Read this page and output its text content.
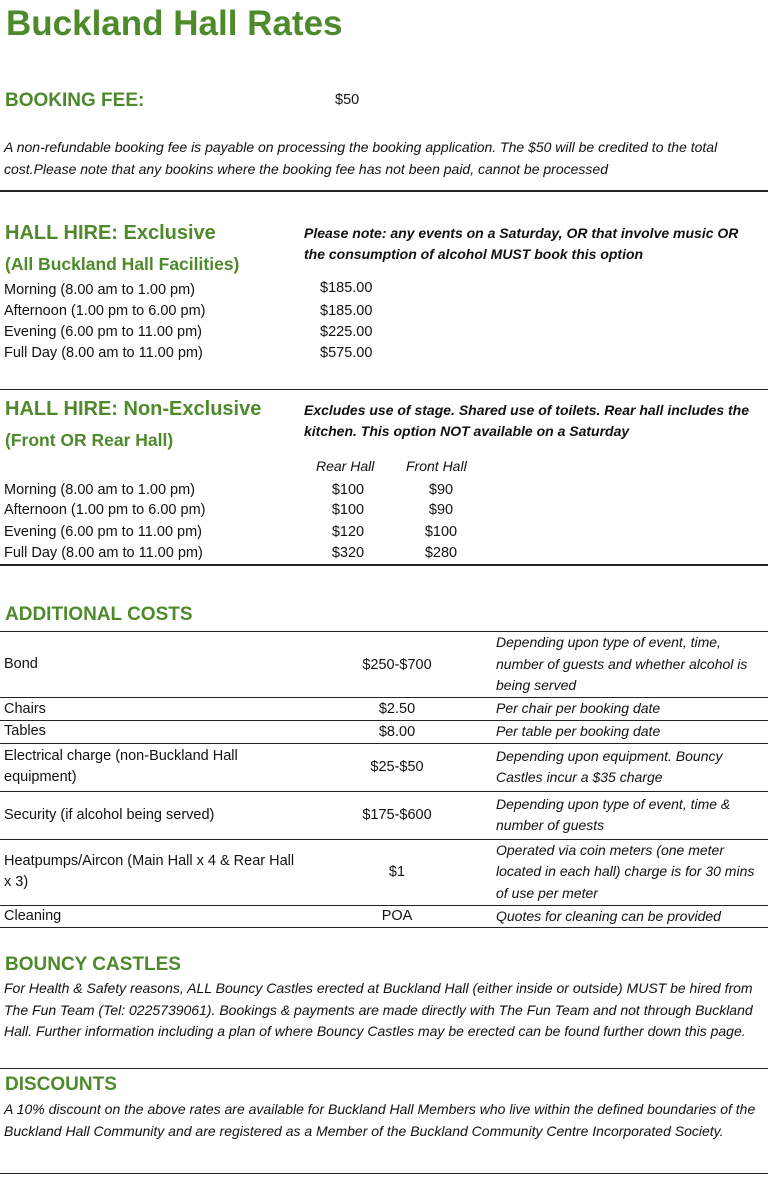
Buckland Hall Rates
BOOKING FEE:	$50
A non-refundable booking fee is payable on processing the booking application. The $50 will be credited to the total cost.Please note that any bookins where the booking fee has not been paid, cannot be processed
HALL HIRE: Exclusive
(All Buckland Hall Facilities)
Please note: any events on a Saturday, OR that involve music OR
the consumption of alcohol MUST book this option
Morning (8.00 am to 1.00 pm)	$185.00
Afternoon (1.00 pm to 6.00 pm)	$185.00
Evening (6.00 pm to 11.00 pm)	$225.00
Full Day (8.00 am to 11.00 pm)	$575.00
HALL HIRE: Non-Exclusive
(Front OR Rear Hall)
Excludes use of stage. Shared use of toilets. Rear hall includes the
kitchen. This option NOT available on a Saturday
Rear Hall Front Hall
Morning (8.00 am to 1.00 pm)	$100	$90
Afternoon (1.00 pm to 6.00 pm)	$100	$90
Evening (6.00 pm to 11.00 pm)	$120	$100
Full Day (8.00 am to 11.00 pm)	$320	$280
ADDITIONAL COSTS
Bond	$250-$700	Depending upon type of event, time, number of guests and whether alcohol is being served
Chairs	$2.50	Per chair per booking date
Tables	$8.00	Per table per booking date
Electrical charge (non-Buckland Hall equipment)	$25-$50	Depending upon equipment. Bouncy Castles incur a $35 charge
Security (if alcohol being served)	$175-$600	Depending upon type of event, time & number of guests
Heatpumps/Aircon (Main Hall x 4 & Rear Hall x 3)	$1	Operated via coin meters (one meter located in each hall) charge is for 30 mins of use per meter
Cleaning	POA	Quotes for cleaning can be provided
BOUNCY CASTLES
For Health & Safety reasons, ALL Bouncy Castles erected at Buckland Hall (either inside or outside) MUST be hired from The Fun Team (Tel: 0225739061). Bookings & payments are made directly with The Fun Team and not through Buckland Hall. Further information including a plan of where Bouncy Castles may be erected can be found further down this page.
DISCOUNTS
A 10% discount on the above rates are available for Buckland Hall Members who live within the defined boundaries of the Buckland Hall Community and are registered as a Member of the Buckland Community Centre Incorporated Society.
